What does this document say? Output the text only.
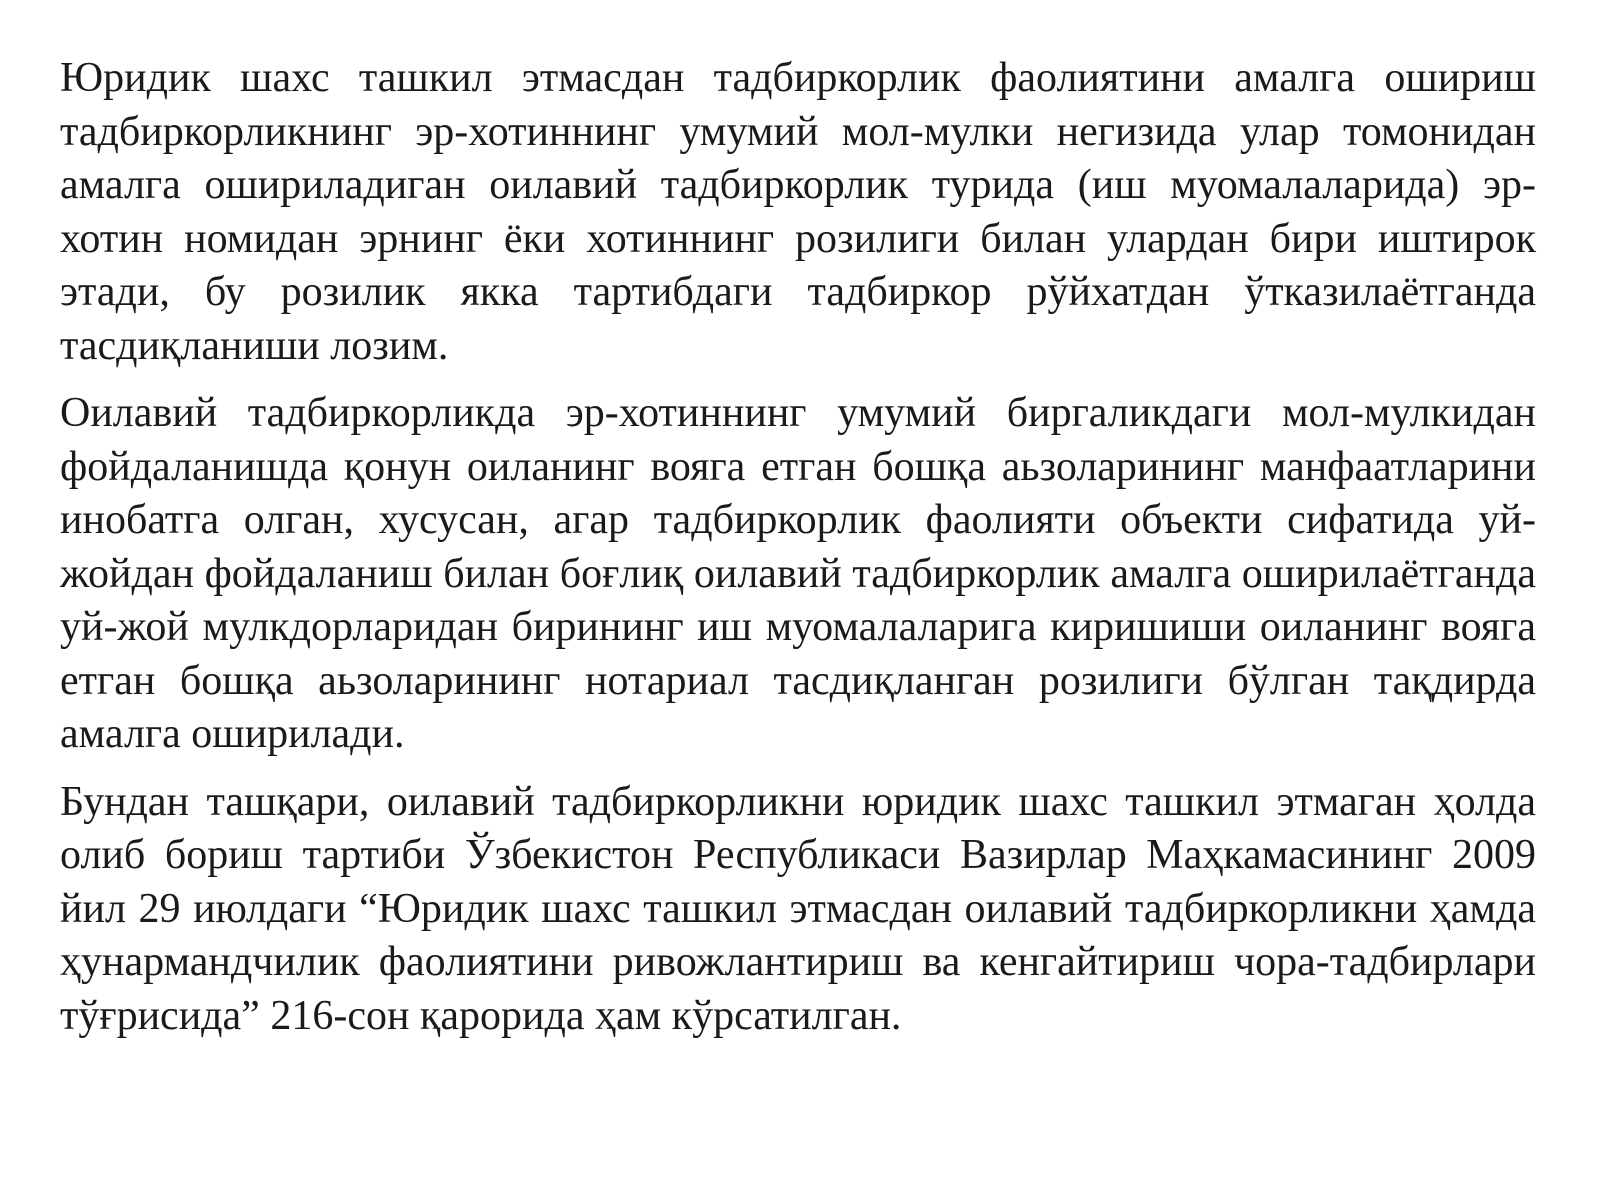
Юридик шахс ташкил этмасдан тадбиркорлик фаолиятини амалга ошириш тадбиркорликнинг эр-хотиннинг умумий мол-мулки негизида улар томонидан амалга ошириладиган оилавий тадбиркорлик турида (иш муомалаларида) эр-хотин номидан эрнинг ёки хотиннинг розилиги билан улардан бири иштирок этади, бу розилик якка тартибдаги тадбиркор рўйхатдан ўтказилаётганда тасдиқланиши лозим.

Оилавий тадбиркорликда эр-хотиннинг умумий биргаликдаги мол-мулкидан фойдаланишда қонун оиланинг вояга етган бошқа аьзоларининг манфаатларини инобатга олган, хусусан, агар тадбиркорлик фаолияти объекти сифатида уй-жойдан фойдаланиш билан боғлиқ оилавий тадбиркорлик амалга оширилаётганда уй-жой мулкдорларидан бирининг иш муомалаларига киришиши оиланинг вояга етган бошқа аьзоларининг нотариал тасдиқланган розилиги бўлган тақдирда амалга оширилади.

Бундан ташқари, оилавий тадбиркорликни юридик шахс ташкил этмаган ҳолда олиб бориш тартиби Ўзбекистон Республикаси Вазирлар Маҳкамасининг 2009 йил 29 июлдаги “Юридик шахс ташкил этмасдан оилавий тадбиркорликни ҳамда ҳунармандчилик фаолиятини ривожлантириш ва кенгайтириш чора-тадбирлари тўғрисида” 216-сон қарорида ҳам кўрсатилган.
